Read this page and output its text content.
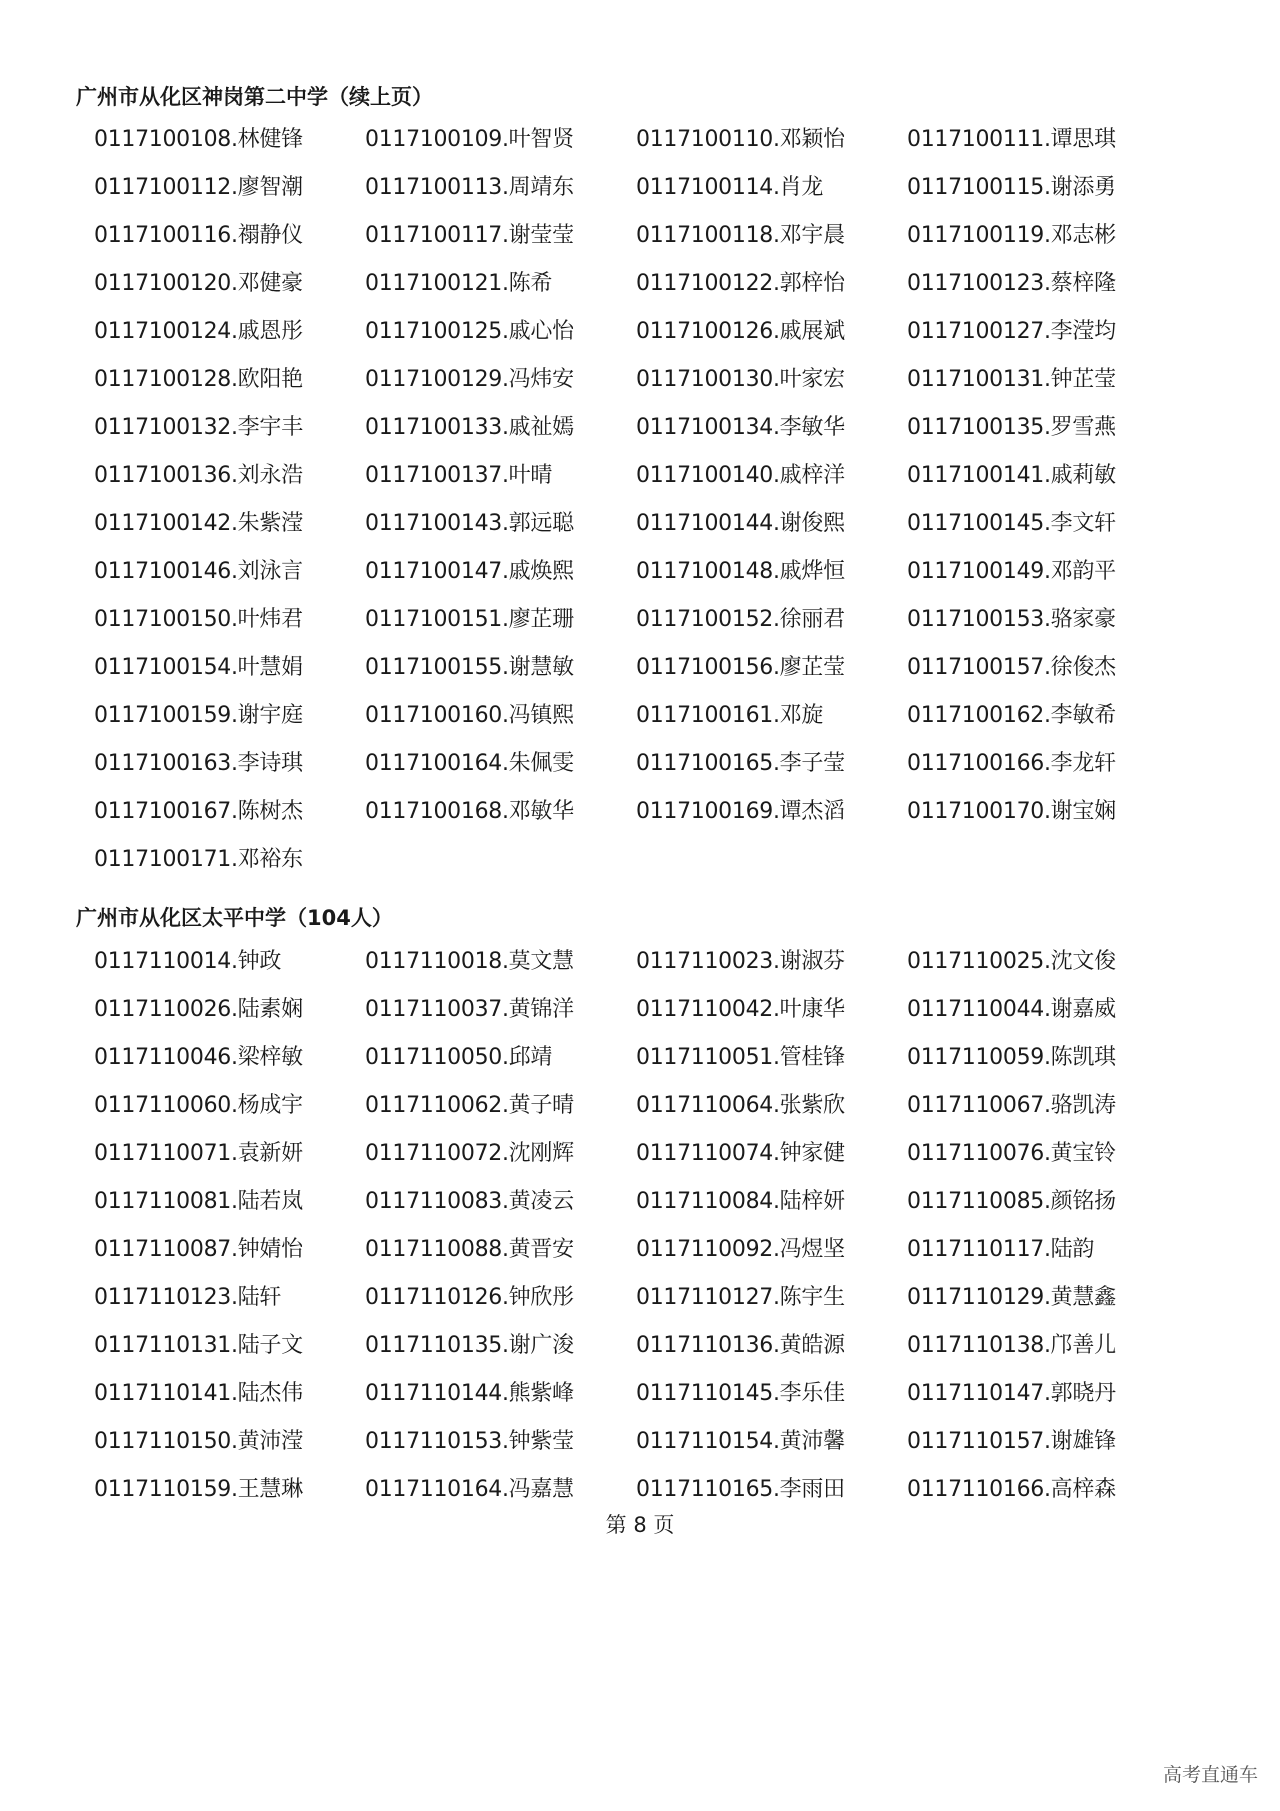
广州市从化区神岗第二中学（续上页）
0117100108.林健锋	0117100109.叶智贤	0117100110.邓颖怡	0117100111.谭思琪
0117100112.廖智潮	0117100113.周靖东	0117100114.肖龙	0117100115.谢添勇
0117100116.禤静仪	0117100117.谢莹莹	0117100118.邓宇晨	0117100119.邓志彬
0117100120.邓健豪	0117100121.陈希	0117100122.郭梓怡	0117100123.蔡梓隆
0117100124.戚恩彤	0117100125.戚心怡	0117100126.戚展斌	0117100127.李滢均
0117100128.欧阳艳	0117100129.冯炜安	0117100130.叶家宏	0117100131.钟芷莹
0117100132.李宇丰	0117100133.戚祉嫣	0117100134.李敏华	0117100135.罗雪燕
0117100136.刘永浩	0117100137.叶晴	0117100140.戚梓洋	0117100141.戚莉敏
0117100142.朱紫滢	0117100143.郭远聪	0117100144.谢俊熙	0117100145.李文轩
0117100146.刘泳言	0117100147.戚焕熙	0117100148.戚烨恒	0117100149.邓韵平
0117100150.叶炜君	0117100151.廖芷珊	0117100152.徐丽君	0117100153.骆家豪
0117100154.叶慧娟	0117100155.谢慧敏	0117100156.廖芷莹	0117100157.徐俊杰
0117100159.谢宇庭	0117100160.冯镇熙	0117100161.邓旋	0117100162.李敏希
0117100163.李诗琪	0117100164.朱佩雯	0117100165.李子莹	0117100166.李龙轩
0117100167.陈树杰	0117100168.邓敏华	0117100169.谭杰滔	0117100170.谢宝娴
0117100171.邓裕东
广州市从化区太平中学（104人）
0117110014.钟政	0117110018.莫文慧	0117110023.谢淑芬	0117110025.沈文俊
0117110026.陆素娴	0117110037.黄锦洋	0117110042.叶康华	0117110044.谢嘉威
0117110046.梁梓敏	0117110050.邱靖	0117110051.管桂锋	0117110059.陈凯琪
0117110060.杨成宇	0117110062.黄子晴	0117110064.张紫欣	0117110067.骆凯涛
0117110071.袁新妍	0117110072.沈刚辉	0117110074.钟家健	0117110076.黄宝铃
0117110081.陆若岚	0117110083.黄凌云	0117110084.陆梓妍	0117110085.颜铭扬
0117110087.钟婧怡	0117110088.黄晋安	0117110092.冯煜坚	0117110117.陆韵
0117110123.陆轩	0117110126.钟欣彤	0117110127.陈宇生	0117110129.黄慧鑫
0117110131.陆子文	0117110135.谢广浚	0117110136.黄皓源	0117110138.邝善儿
0117110141.陆杰伟	0117110144.熊紫峰	0117110145.李乐佳	0117110147.郭晓丹
0117110150.黄沛滢	0117110153.钟紫莹	0117110154.黄沛馨	0117110157.谢雄锋
0117110159.王慧琳	0117110164.冯嘉慧	0117110165.李雨田	0117110166.高梓森
第 8 页
高考直通车
